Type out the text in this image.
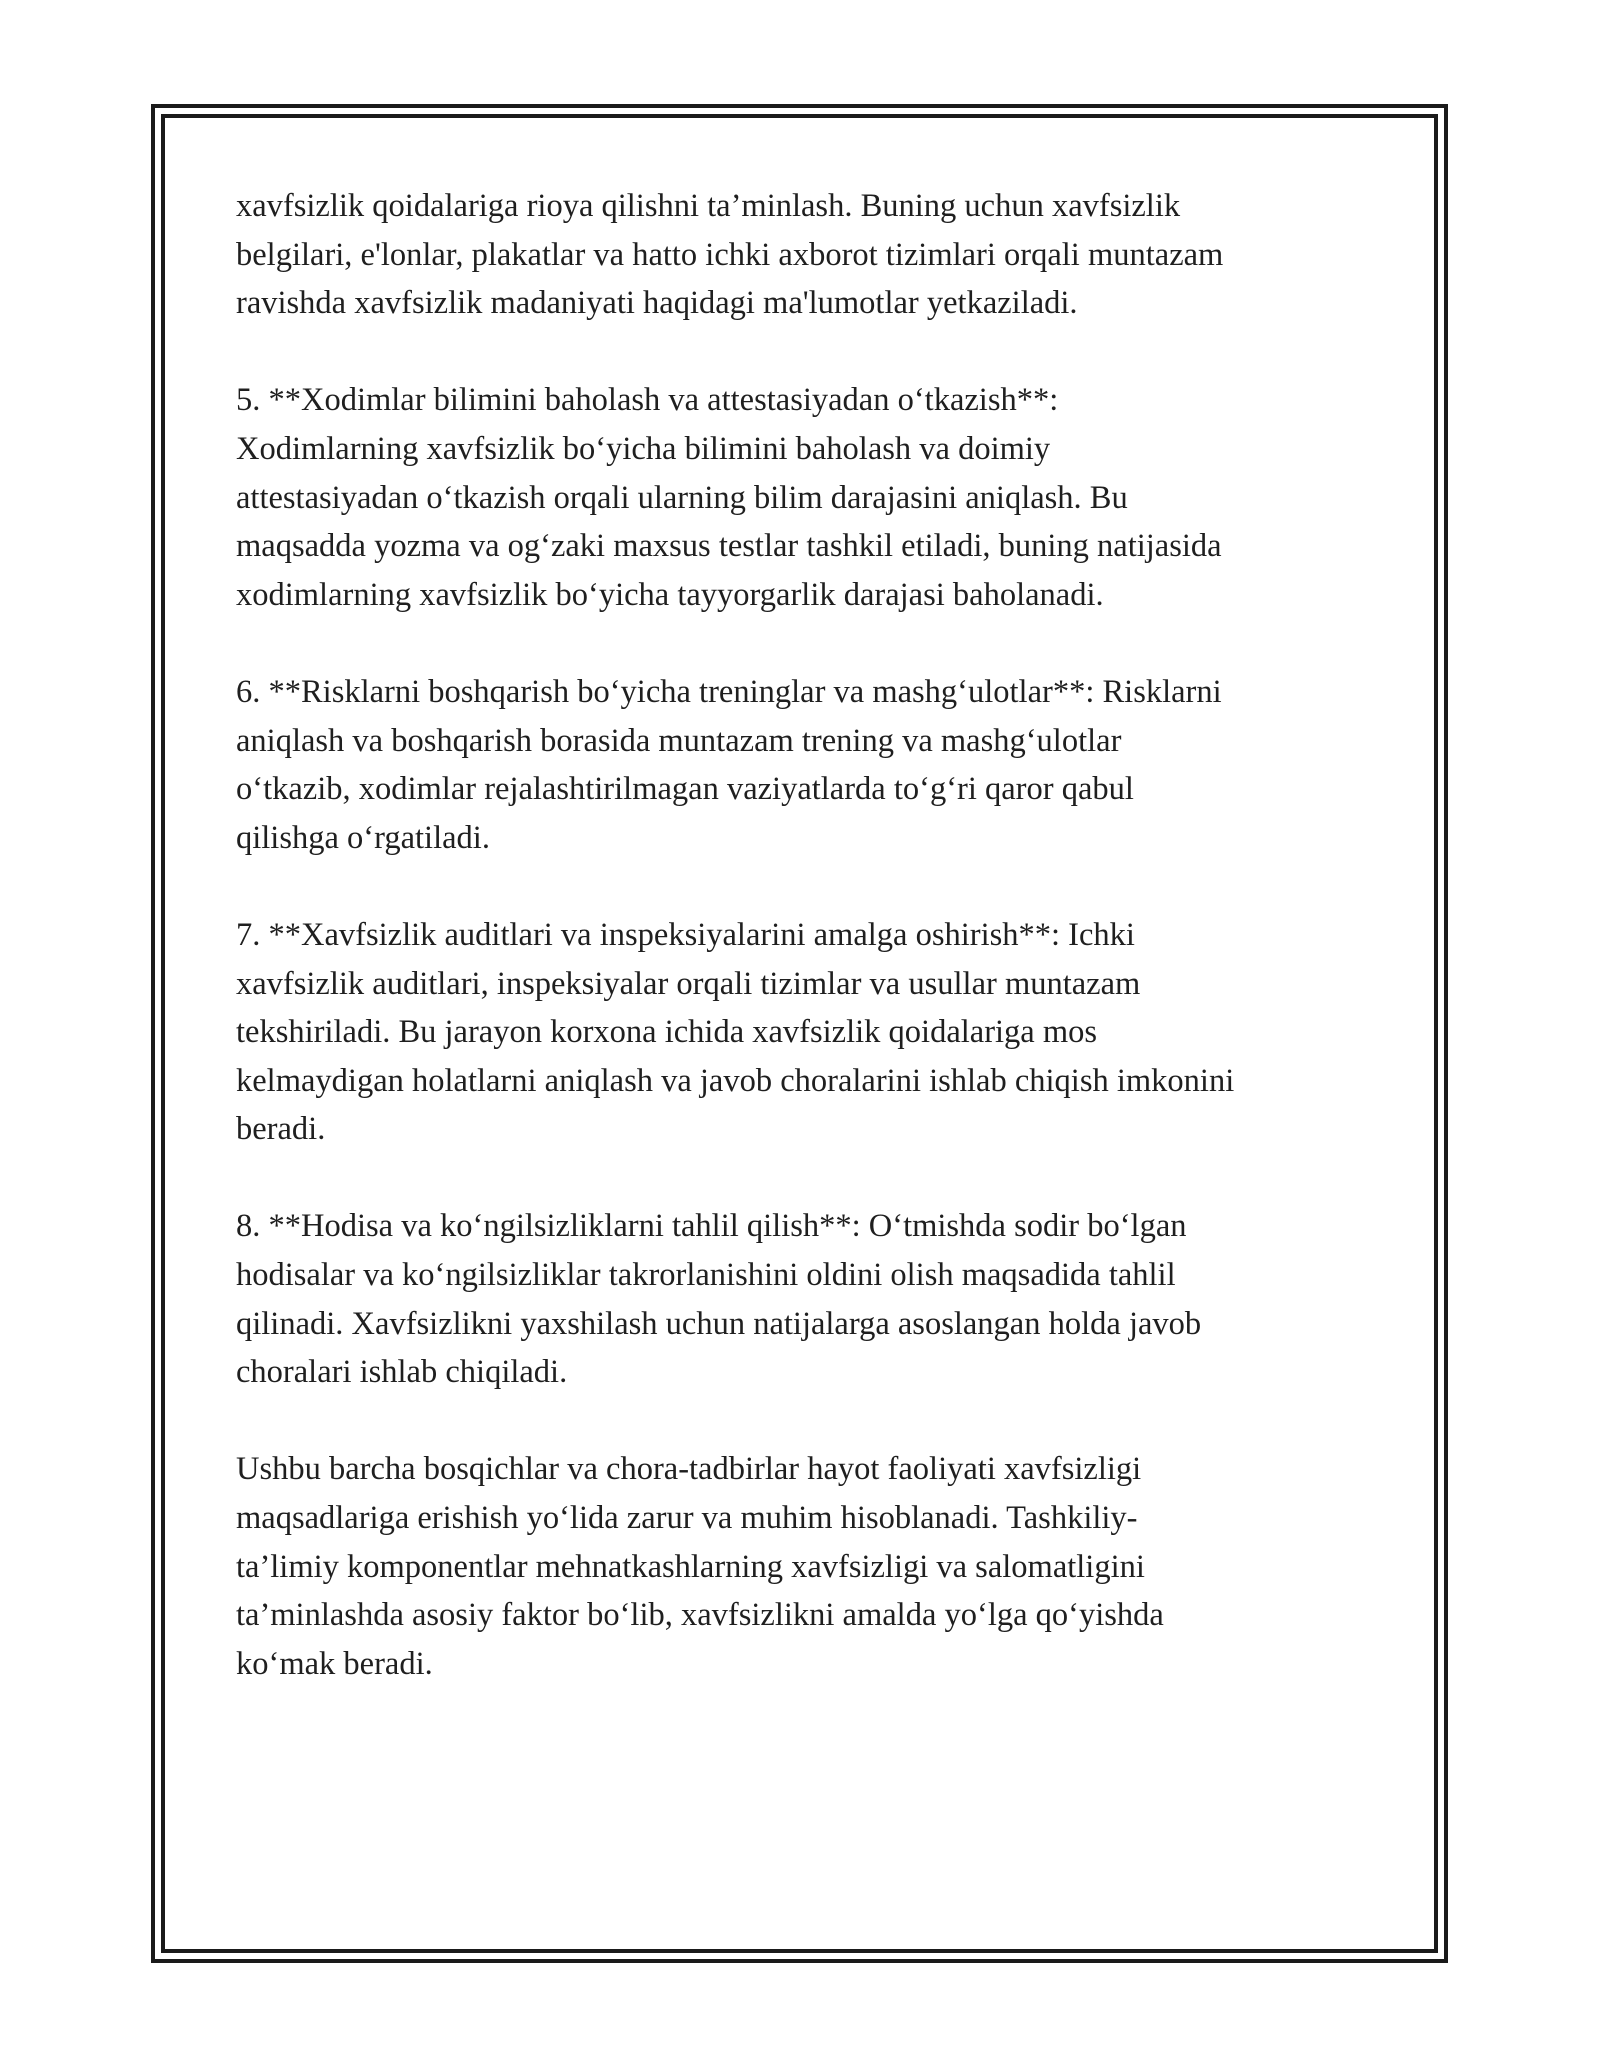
xavfsizlik qoidalariga rioya qilishni ta’minlash. Buning uchun xavfsizlik
belgilari, e'lonlar, plakatlar va hatto ichki axborot tizimlari orqali muntazam
ravishda xavfsizlik madaniyati haqidagi ma'lumotlar yetkaziladi.

5. **Xodimlar bilimini baholash va attestasiyadan o‘tkazish**:
Xodimlarning xavfsizlik bo‘yicha bilimini baholash va doimiy
attestasiyadan o‘tkazish orqali ularning bilim darajasini aniqlash. Bu
maqsadda yozma va og‘zaki maxsus testlar tashkil etiladi, buning natijasida
xodimlarning xavfsizlik bo‘yicha tayyorgarlik darajasi baholanadi.

6. **Risklarni boshqarish bo‘yicha treninglar va mashg‘ulotlar**: Risklarni
aniqlash va boshqarish borasida muntazam trening va mashg‘ulotlar
o‘tkazib, xodimlar rejalashtirilmagan vaziyatlarda to‘g‘ri qaror qabul
qilishga o‘rgatiladi.

7. **Xavfsizlik auditlari va inspeksiyalarini amalga oshirish**: Ichki
xavfsizlik auditlari, inspeksiyalar orqali tizimlar va usullar muntazam
tekshiriladi. Bu jarayon korxona ichida xavfsizlik qoidalariga mos
kelmaydigan holatlarni aniqlash va javob choralarini ishlab chiqish imkonini
beradi.

8. **Hodisa va ko‘ngilsizliklarni tahlil qilish**: O‘tmishda sodir bo‘lgan
hodisalar va ko‘ngilsizliklar takrorlanishini oldini olish maqsadida tahlil
qilinadi. Xavfsizlikni yaxshilash uchun natijalarga asoslangan holda javob
choralari ishlab chiqiladi.

Ushbu barcha bosqichlar va chora-tadbirlar hayot faoliyati xavfsizligi
maqsadlariga erishish yo‘lida zarur va muhim hisoblanadi. Tashkiliy-
ta’limiy komponentlar mehnatkashlarning xavfsizligi va salomatligini
ta’minlashda asosiy faktor bo‘lib, xavfsizlikni amalda yo‘lga qo‘yishda
ko‘mak beradi.
